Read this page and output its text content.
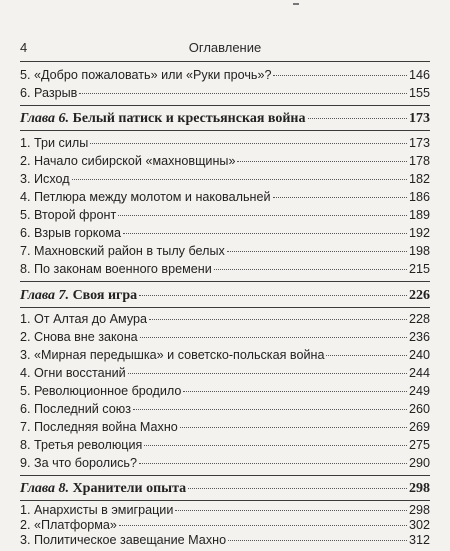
4	Оглавление
5. «Добро пожаловать» или «Руки прочь»?	146
6. Разрыв	155
Глава 6. Белый патиск и крестьянская война	173
1. Три силы	173
2. Начало сибирской «махновщины»	178
3. Исход	182
4. Петлюра между молотом и наковальней	186
5. Второй фронт	189
6. Взрыв горкома	192
7. Махновский район в тылу белых	198
8. По законам военного времени	215
Глава 7. Своя игра	226
1. От Алтая до Амура	228
2. Снова вне закона	236
3. «Мирная передышка» и советско-польская война	240
4. Огни восстаний	244
5. Революционное бродило	249
6. Последний союз	260
7. Последняя война Махно	269
8. Третья революция	275
9. За что боролись?	290
Глава 8. Хранители опыта	298
1. Анархисты в эмиграции	298
2. «Платформа»	302
3. Политическое завещание Махно	312
